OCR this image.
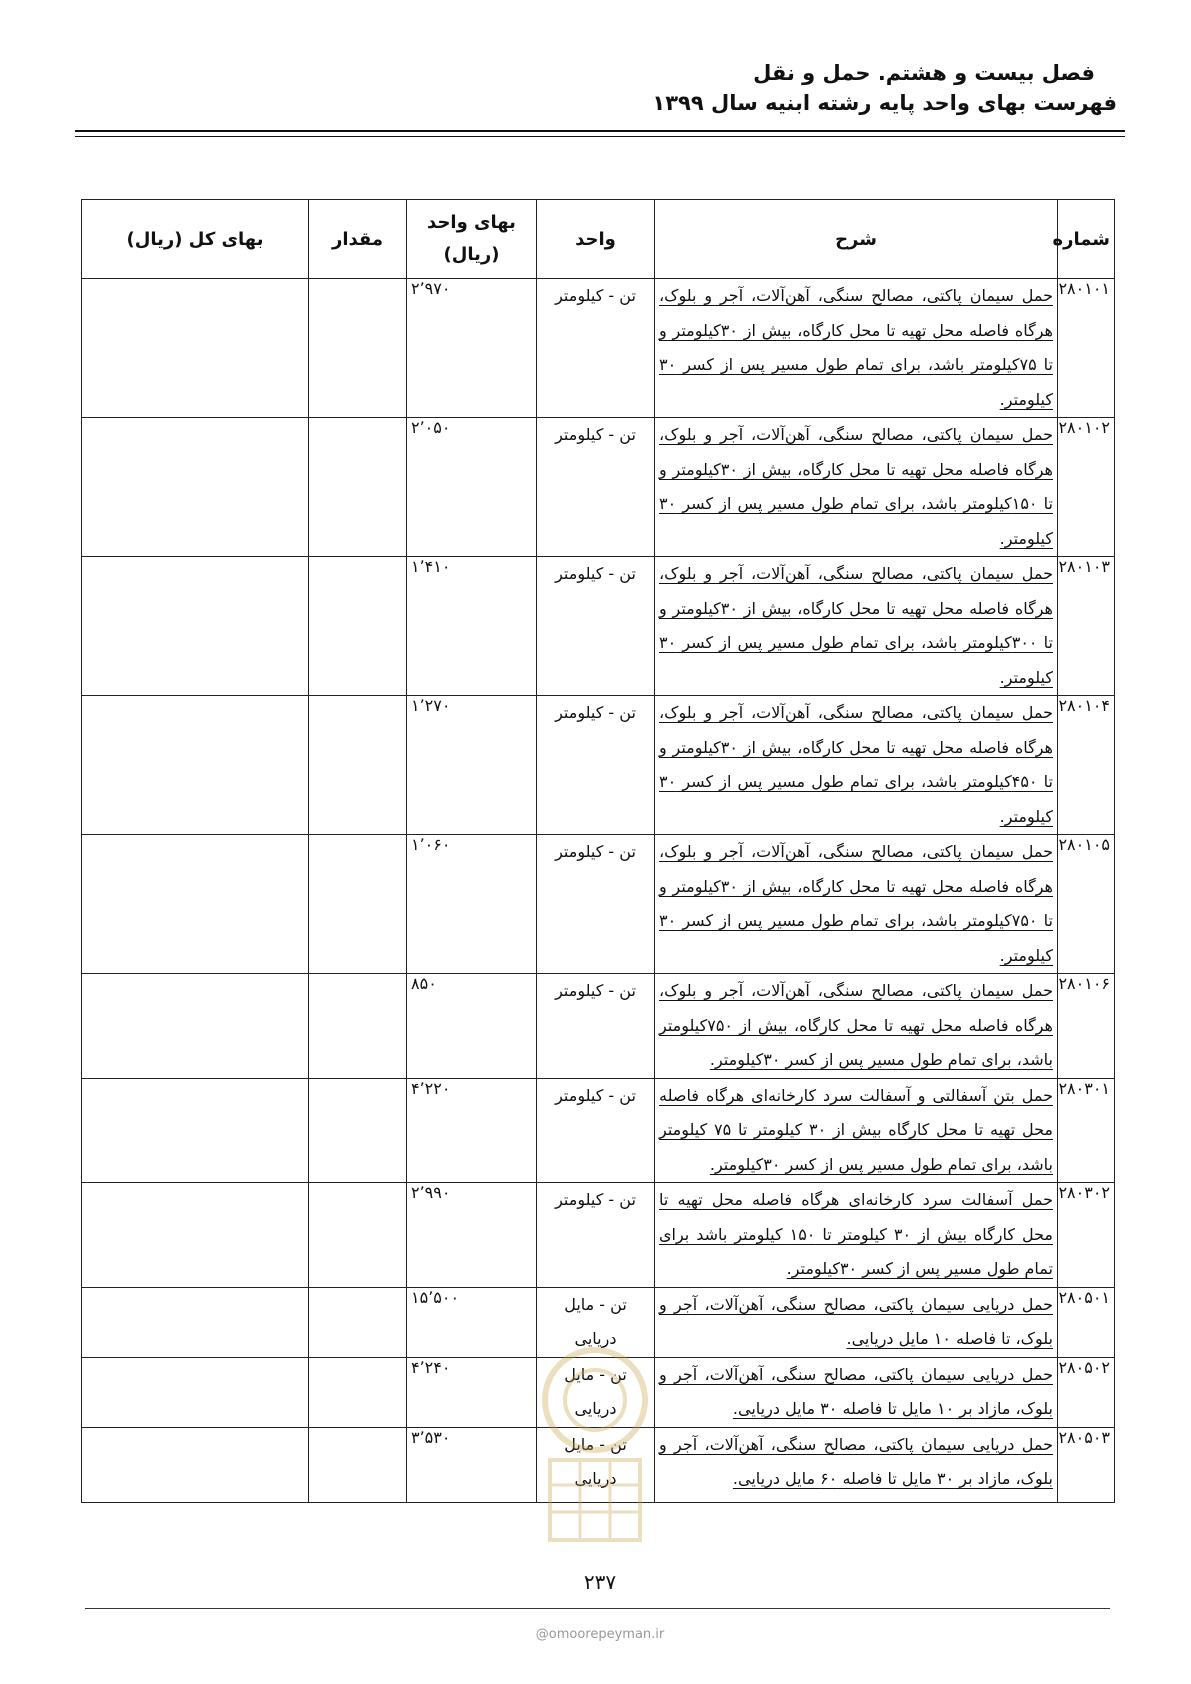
فصل بیست و هشتم. حمل و نقل
فهرست بهای واحد پایه رشته ابنیه سال ۱۳۹۹
شماره	شرح	واحد	بهای واحد (ریال)	مقدار	بهای کل (ریال)
۲۸۰۱۰۱	حمل سیمان پاکتی، مصالح سنگی، آهن‌آلات، آجر و بلوک، هرگاه فاصله محل تهیه تا محل کارگاه، بیش از ۳۰کیلومتر و تا ۷۵کیلومتر باشد، برای تمام طول مسیر پس از کسر ۳۰ کیلومتر.	تن - کیلومتر	۲٬۹۷۰		
۲۸۰۱۰۲	حمل سیمان پاکتی، مصالح سنگی، آهن‌آلات، آجر و بلوک، هرگاه فاصله محل تهیه تا محل کارگاه، بیش از ۳۰کیلومتر و تا ۱۵۰کیلومتر باشد، برای تمام طول مسیر پس از کسر ۳۰ کیلومتر.	تن - کیلومتر	۲٬۰۵۰		
۲۸۰۱۰۳	حمل سیمان پاکتی، مصالح سنگی، آهن‌آلات، آجر و بلوک، هرگاه فاصله محل تهیه تا محل کارگاه، بیش از ۳۰کیلومتر و تا ۳۰۰کیلومتر باشد، برای تمام طول مسیر پس از کسر ۳۰ کیلومتر.	تن - کیلومتر	۱٬۴۱۰		
۲۸۰۱۰۴	حمل سیمان پاکتی، مصالح سنگی، آهن‌آلات، آجر و بلوک، هرگاه فاصله محل تهیه تا محل کارگاه، بیش از ۳۰کیلومتر و تا ۴۵۰کیلومتر باشد، برای تمام طول مسیر پس از کسر ۳۰ کیلومتر.	تن - کیلومتر	۱٬۲۷۰		
۲۸۰۱۰۵	حمل سیمان پاکتی، مصالح سنگی، آهن‌آلات، آجر و بلوک، هرگاه فاصله محل تهیه تا محل کارگاه، بیش از ۳۰کیلومتر و تا ۷۵۰کیلومتر باشد، برای تمام طول مسیر پس از کسر ۳۰ کیلومتر.	تن - کیلومتر	۱٬۰۶۰		
۲۸۰۱۰۶	حمل سیمان پاکتی، مصالح سنگی، آهن‌آلات، آجر و بلوک، هرگاه فاصله محل تهیه تا محل کارگاه، بیش از ۷۵۰کیلومتر باشد، برای تمام طول مسیر پس از کسر ۳۰کیلومتر.	تن - کیلومتر	۸۵۰		
۲۸۰۳۰۱	حمل بتن آسفالتی و آسفالت سرد کارخانه‌ای هرگاه فاصله محل تهیه تا محل کارگاه بیش از ۳۰ کیلومتر تا ۷۵ کیلومتر باشد، برای تمام طول مسیر پس از کسر ۳۰کیلومتر.	تن - کیلومتر	۴٬۲۲۰		
۲۸۰۳۰۲	حمل آسفالت سرد کارخانه‌ای هرگاه فاصله محل تهیه تا محل کارگاه بیش از ۳۰ کیلومتر تا ۱۵۰ کیلومتر باشد برای تمام طول مسیر پس از کسر ۳۰کیلومتر.	تن - کیلومتر	۲٬۹۹۰		
۲۸۰۵۰۱	حمل دریایی سیمان پاکتی، مصالح سنگی، آهن‌آلات، آجر و بلوک، تا فاصله ۱۰ مایل دریایی.	تن - مایل دریایی	۱۵٬۵۰۰		
۲۸۰۵۰۲	حمل دریایی سیمان پاکتی، مصالح سنگی، آهن‌آلات، آجر و بلوک، مازاد بر ۱۰ مایل تا فاصله ۳۰ مایل دریایی.	تن - مایل دریایی	۴٬۲۴۰		
۲۸۰۵۰۳	حمل دریایی سیمان پاکتی، مصالح سنگی، آهن‌آلات، آجر و بلوک، مازاد بر ۳۰ مایل تا فاصله ۶۰ مایل دریایی.	تن - مایل دریایی	۳٬۵۳۰		
۲۳۷
@omoorepeyman.ir
